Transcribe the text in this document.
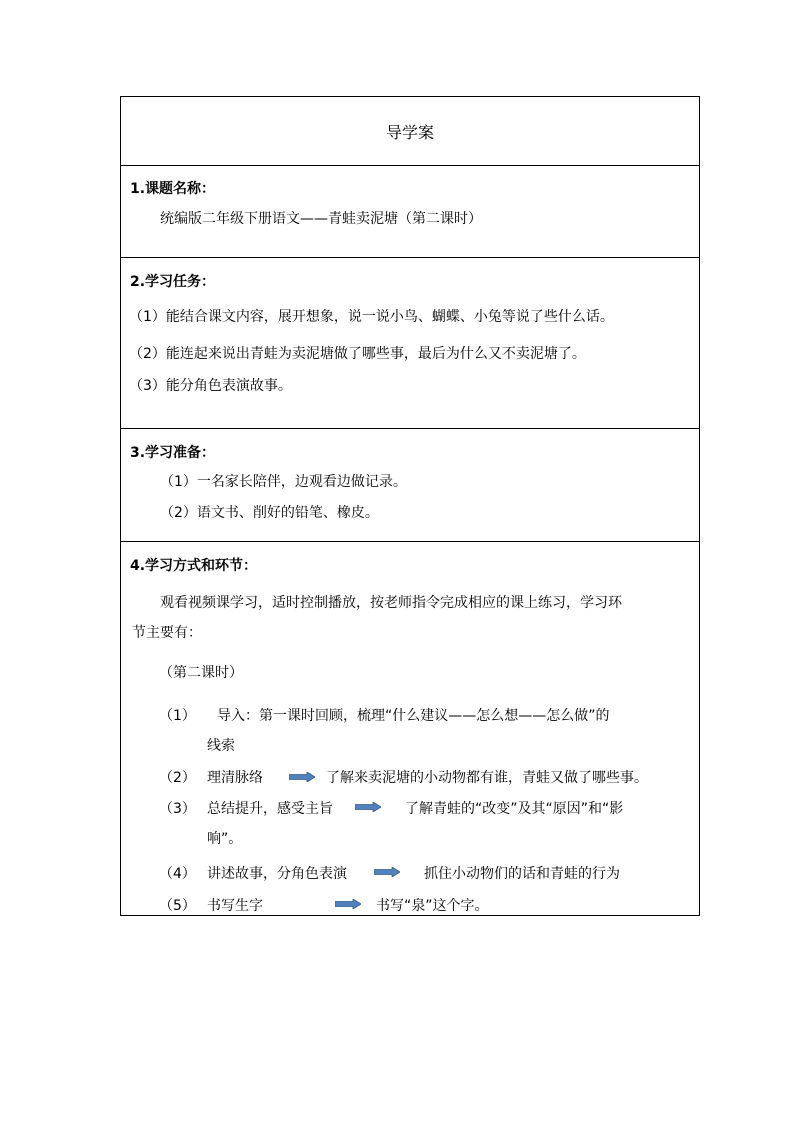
导学案

1.课题名称：
统编版二年级下册语文——青蛙卖泥塘（第二课时）

2.学习任务：
（1）能结合课文内容，展开想象，说一说小鸟、蝴蝶、小兔等说了些什么话。
（2）能连起来说出青蛙为卖泥塘做了哪些事，最后为什么又不卖泥塘了。
（3）能分角色表演故事。

3.学习准备：
（1）一名家长陪伴，边观看边做记录。
（2）语文书、削好的铅笔、橡皮。

4.学习方式和环节：
观看视频课学习，适时控制播放，按老师指令完成相应的课上练习，学习环
节主要有：
（第二课时）
（1） 导入：第一课时回顾，梳理“什么建议——怎么想——怎么做”的
线索
（2） 理清脉络	了解来卖泥塘的小动物都有谁，青蛙又做了哪些事。
（3） 总结提升，感受主旨	了解青蛙的“改变”及其“原因”和“影
响”。
（4） 讲述故事，分角色表演	抓住小动物们的话和青蛙的行为
（5） 书写生字	书写“泉”这个字。
